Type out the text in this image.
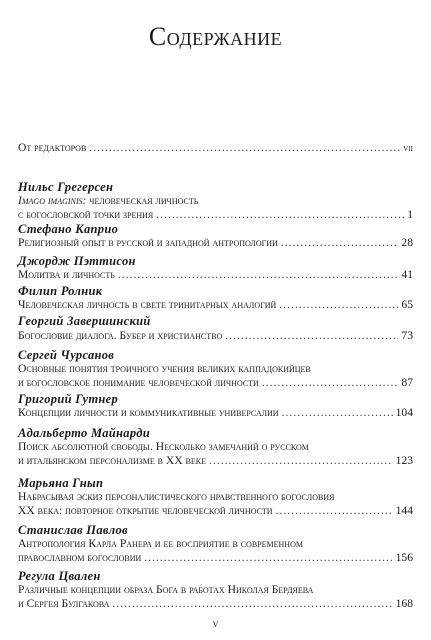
Содержание
От редакторов .....	vii
Нильс Грегерсен
Imago imaginis: человеческая личность
с богословской точки зрения .....	1
Стефано Каприо
Религиозный опыт в русской и западной антропологии .....	28
Джордж Пэттисон
Молитва и личность .....	41
Филип Ролник
Человеческая личность в свете тринитарных аналогий .....	65
Георгий Завершинский
Богословие диалога. Бубер и христианство .....	73
Сергей Чурсанов
Основные понятия троичного учения великих каппадокийцев
и богословское понимание человеческой личности .....	87
Григорий Гутнер
Концепции личности и коммуникативные универсалии .....	104
Адальберто Майнарди
Поиск абсолютной свободы. Несколько замечаний о русском
и итальянском персонализме в XX веке .....	123
Марьяна Гнып
Набрасывая эскиз персоналистического нравственного богословия
XX века: повторное открытие человеческой личности .....	144
Станислав Павлов
Антропология Карла Ранера и ее восприятие в современном
православном богословии .....	156
Регула Цвален
Различные концепции образа Бога в работах Николая Бердяева
и Сергея Булгакова .....	168
v
